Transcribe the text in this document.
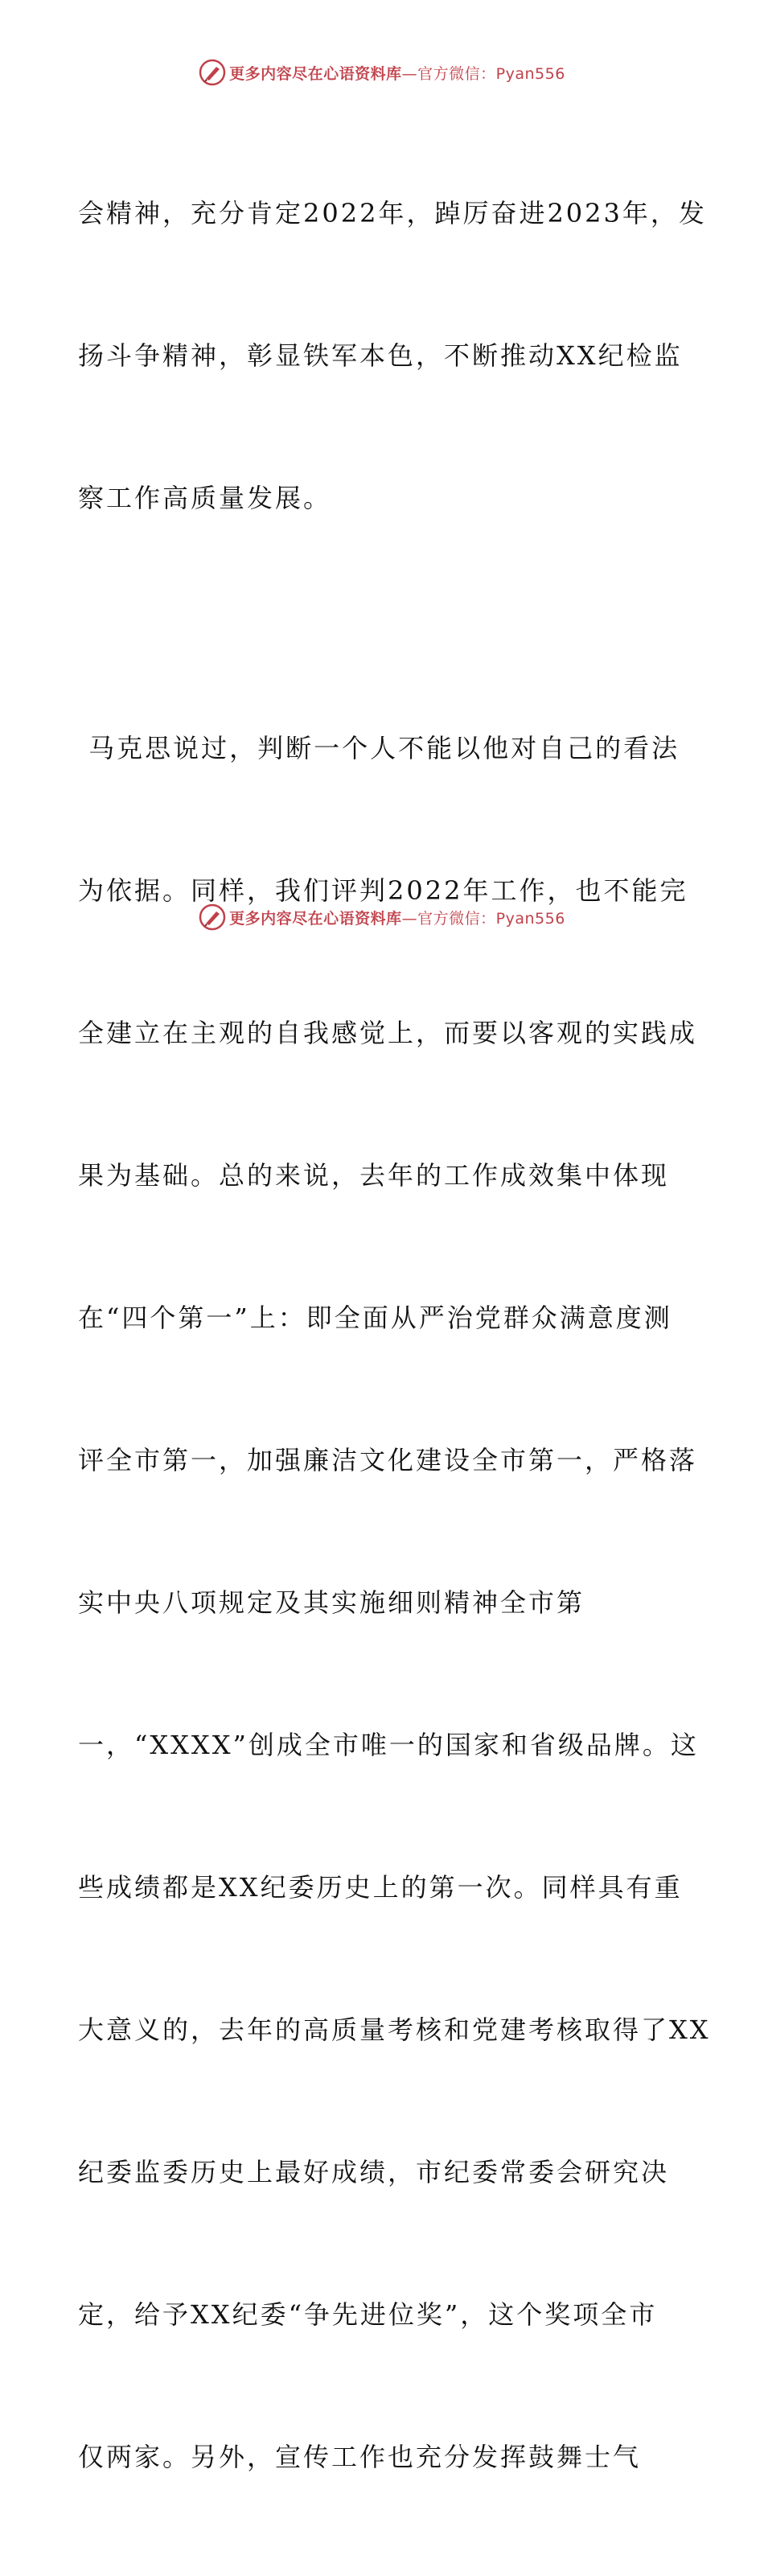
更多内容尽在心语资料库—官方微信：Pyan556

会精神，充分肯定2022年，踔厉奋进2023年，发

扬斗争精神，彰显铁军本色，不断推动XX纪检监

察工作高质量发展。

马克思说过，判断一个人不能以他对自己的看法

为依据。同样，我们评判2022年工作，也不能完

全建立在主观的自我感觉上，而要以客观的实践成

果为基础。总的来说，去年的工作成效集中体现

在“四个第一”上：即全面从严治党群众满意度测

评全市第一，加强廉洁文化建设全市第一，严格落

实中央八项规定及其实施细则精神全市第

一，“XXXX”创成全市唯一的国家和省级品牌。这

些成绩都是XX纪委历史上的第一次。同样具有重

大意义的，去年的高质量考核和党建考核取得了XX

纪委监委历史上最好成绩，市纪委常委会研究决

定，给予XX纪委“争先进位奖”，这个奖项全市

仅两家。另外，宣传工作也充分发挥鼓舞士气

更多内容尽在心语资料库—官方微信：Pyan556
